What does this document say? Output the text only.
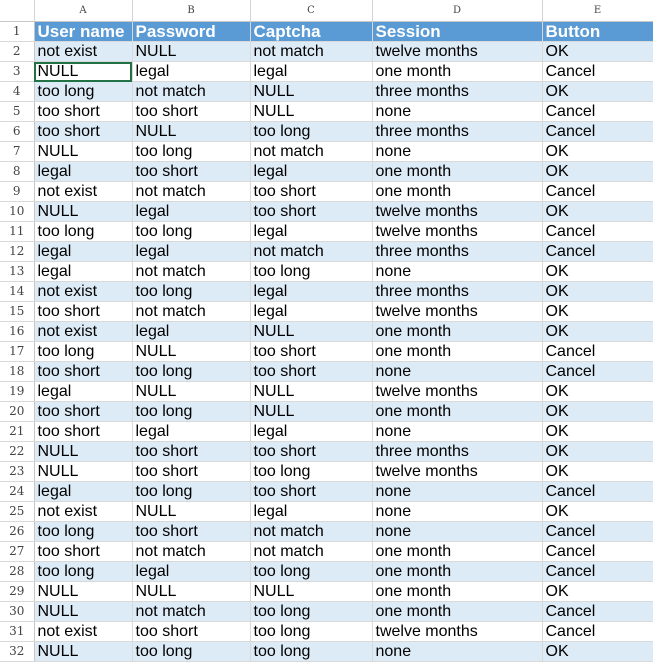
	A	B	C	D	E
1	User name	Password	Captcha	Session	Button
2	not exist	NULL	not match	twelve months	OK
3	NULL	legal	legal	one month	Cancel
4	too long	not match	NULL	three months	OK
5	too short	too short	NULL	none	Cancel
6	too short	NULL	too long	three months	Cancel
7	NULL	too long	not match	none	OK
8	legal	too short	legal	one month	OK
9	not exist	not match	too short	one month	Cancel
10	NULL	legal	too short	twelve months	OK
11	too long	too long	legal	twelve months	Cancel
12	legal	legal	not match	three months	Cancel
13	legal	not match	too long	none	OK
14	not exist	too long	legal	three months	OK
15	too short	not match	legal	twelve months	OK
16	not exist	legal	NULL	one month	OK
17	too long	NULL	too short	one month	Cancel
18	too short	too long	too short	none	Cancel
19	legal	NULL	NULL	twelve months	OK
20	too short	too long	NULL	one month	OK
21	too short	legal	legal	none	OK
22	NULL	too short	too short	three months	OK
23	NULL	too short	too long	twelve months	OK
24	legal	too long	too short	none	Cancel
25	not exist	NULL	legal	none	OK
26	too long	too short	not match	none	Cancel
27	too short	not match	not match	one month	Cancel
28	too long	legal	too long	one month	Cancel
29	NULL	NULL	NULL	one month	OK
30	NULL	not match	too long	one month	Cancel
31	not exist	too short	too long	twelve months	Cancel
32	NULL	too long	too long	none	OK
